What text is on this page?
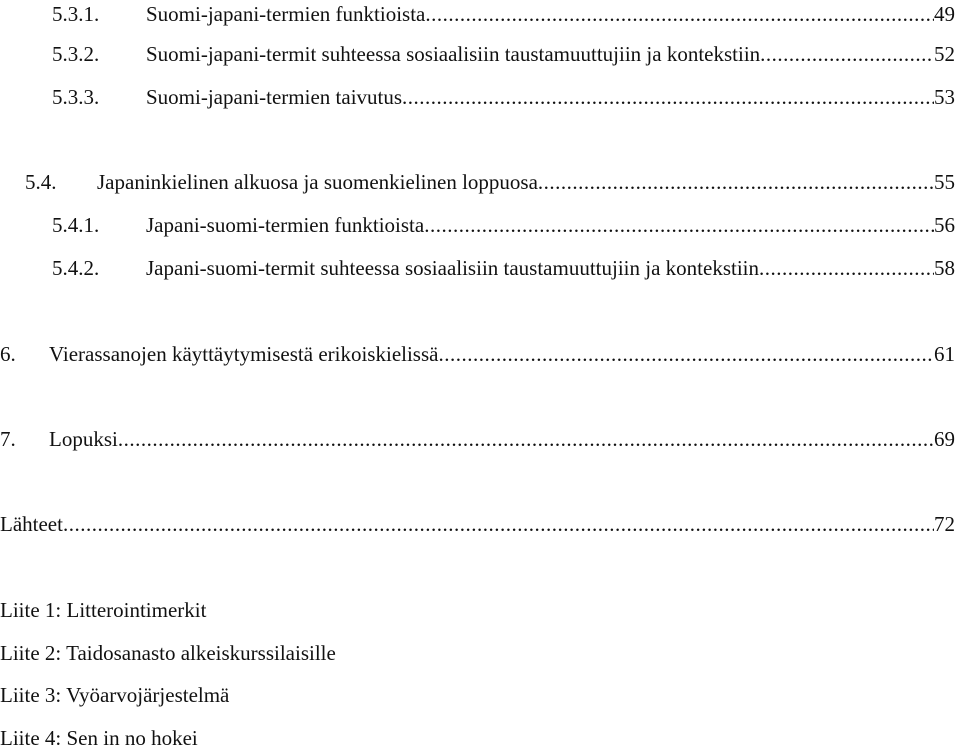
5.3.1.	Suomi-japani-termien funktioista .....	49
5.3.2.	Suomi-japani-termit suhteessa sosiaalisiin taustamuuttujiin ja kontekstiin .....	52
5.3.3.	Suomi-japani-termien taivutus .....	53
5.4.	Japaninkielinen alkuosa ja suomenkielinen loppuosa .....	55
5.4.1.	Japani-suomi-termien funktioista .....	56
5.4.2.	Japani-suomi-termit suhteessa sosiaalisiin taustamuuttujiin ja kontekstiin .....	58
6.	Vierassanojen käyttäytymisestä erikoiskielissä .....	61
7.	Lopuksi .....	69
Lähteet .....	72
Liite 1: Litterointimerkit
Liite 2: Taidosanasto alkeiskurssilaisille
Liite 3: Vyöarvojärjestelmä
Liite 4: Sen in no hokei
